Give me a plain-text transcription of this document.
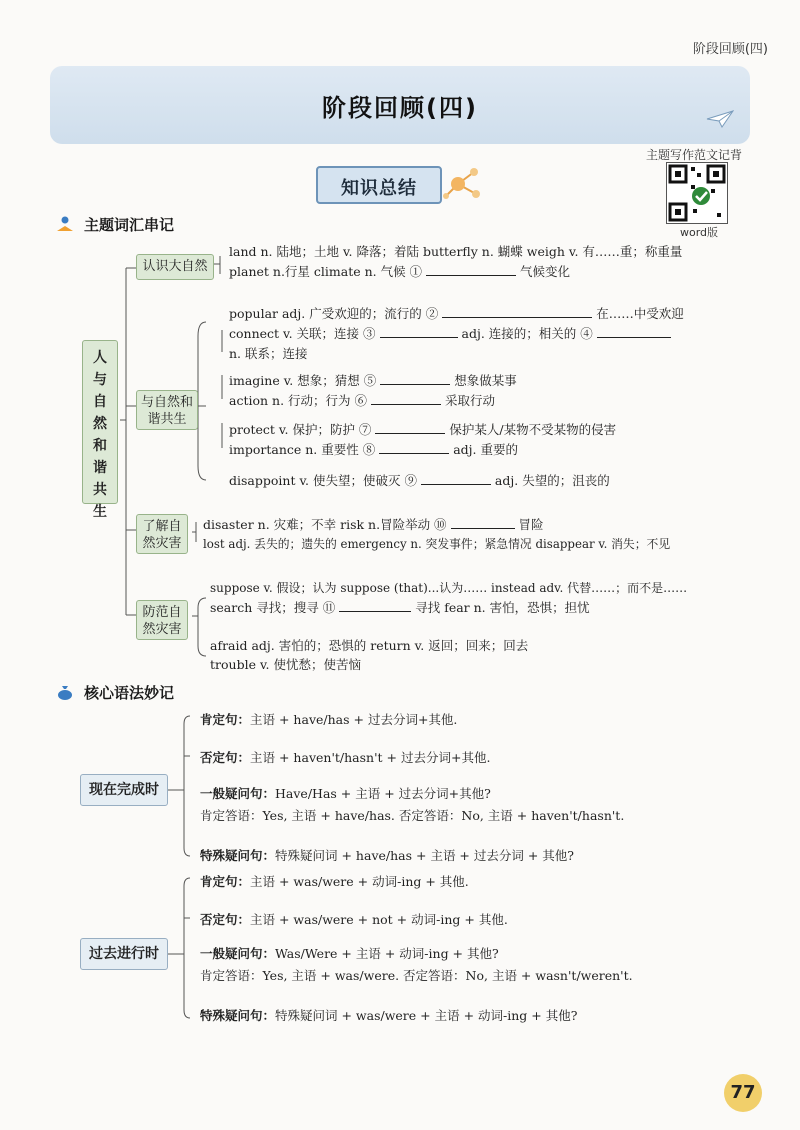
阶段回顾(四)
阶段回顾(四)
主题写作范文记背
word版
知识总结
主题词汇串记
人
与
自
然
和
谐
共
生
认识大自然
land n. 陆地；土地 v. 降落；着陆 butterfly n. 蝴蝶 weigh v. 有……重；称重量
planet n.行星 climate n. 气候 ①	气候变化
与自然和谐共生
popular adj. 广受欢迎的；流行的 ②	在……中受欢迎
connect v. 关联；连接 ③	adj. 连接的；相关的 ④
n. 联系；连接
imagine v. 想象；猜想 ⑤	想象做某事
action n. 行动；行为 ⑥	采取行动
protect v. 保护；防护 ⑦	保护某人/某物不受某物的侵害
importance n. 重要性 ⑧	adj. 重要的
disappoint v. 使失望；使破灭 ⑨	adj. 失望的；沮丧的
了解自然灾害
disaster n. 灾难；不幸 risk n.冒险举动 ⑩	冒险
lost adj. 丢失的；遗失的 emergency n. 突发事件；紧急情况 disappear v. 消失；不见
防范自然灾害
suppose v. 假设；认为 suppose (that)...认为…… instead adv. 代替……；而不是……
search 寻找；搜寻 ⑪	寻找 fear n. 害怕，恐惧；担忧
afraid adj. 害怕的；恐惧的 return v. 返回；回来；回去
trouble v. 使忧愁；使苦恼
核心语法妙记
现在完成时
肯定句：主语 + have/has + 过去分词+其他.
否定句：主语 + haven't/hasn't + 过去分词+其他.
一般疑问句：Have/Has + 主语 + 过去分词+其他?
肯定答语：Yes, 主语 + have/has. 否定答语：No, 主语 + haven't/hasn't.
特殊疑问句：特殊疑问词 + have/has + 主语 + 过去分词 + 其他?
过去进行时
肯定句：主语 + was/were + 动词-ing + 其他.
否定句：主语 + was/were + not + 动词-ing + 其他.
一般疑问句：Was/Were + 主语 + 动词-ing + 其他?
肯定答语：Yes, 主语 + was/were. 否定答语：No, 主语 + wasn't/weren't.
特殊疑问句：特殊疑问词 + was/were + 主语 + 动词-ing + 其他?
77
